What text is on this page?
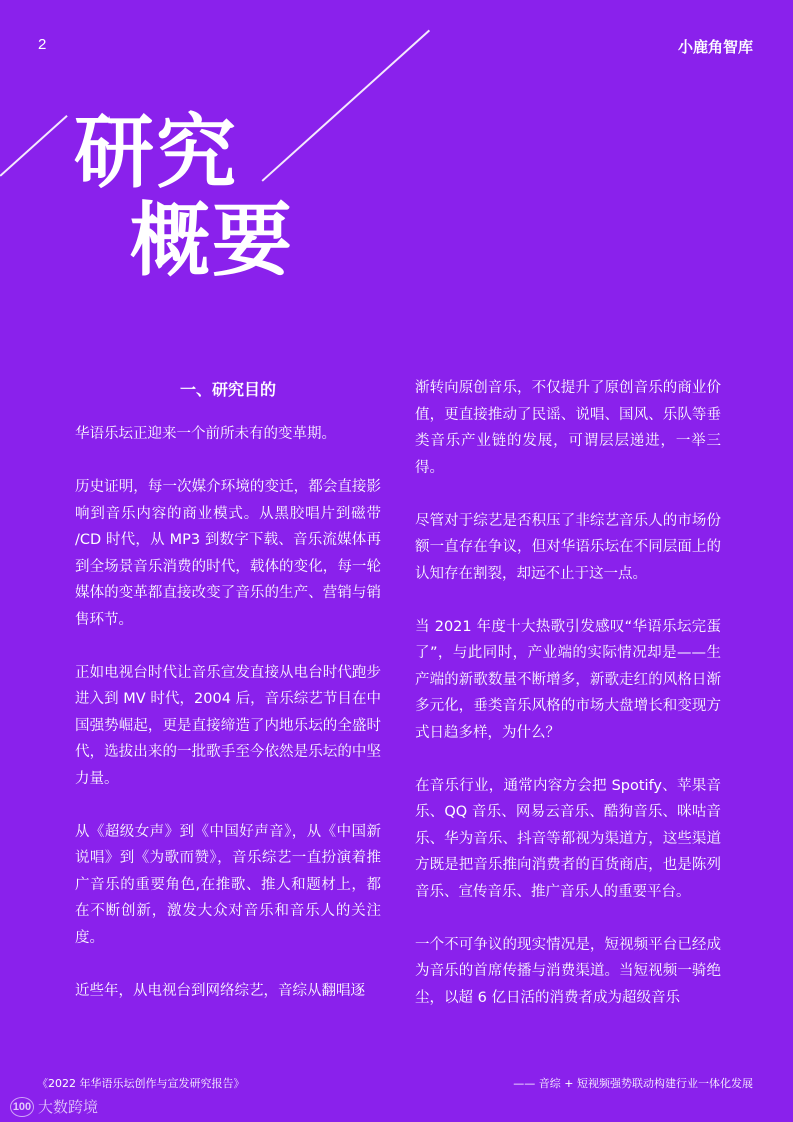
2	小鹿角智库
研究
概要
一、研究目的

华语乐坛正迎来一个前所未有的变革期。

历史证明，每一次媒介环境的变迁，都会直接影响到音乐内容的商业模式。从黑胶唱片到磁带 /CD 时代，从 MP3 到数字下载、音乐流媒体再到全场景音乐消费的时代，载体的变化，每一轮媒体的变革都直接改变了音乐的生产、营销与销售环节。

正如电视台时代让音乐宣发直接从电台时代跑步进入到 MV 时代，2004 后，音乐综艺节目在中国强势崛起，更是直接缔造了内地乐坛的全盛时代，选拔出来的一批歌手至今依然是乐坛的中坚力量。

从《超级女声》到《中国好声音》，从《中国新说唱》到《为歌而赞》，音乐综艺一直扮演着推广音乐的重要角色,在推歌、推人和题材上，都在不断创新，激发大众对音乐和音乐人的关注度。

近些年，从电视台到网络综艺，音综从翻唱逐

渐转向原创音乐，不仅提升了原创音乐的商业价值，更直接推动了民谣、说唱、国风、乐队等垂类音乐产业链的发展，可谓层层递进，一举三得。

尽管对于综艺是否积压了非综艺音乐人的市场份额一直存在争议，但对华语乐坛在不同层面上的认知存在割裂，却远不止于这一点。

当 2021 年度十大热歌引发感叹“华语乐坛完蛋了”，与此同时，产业端的实际情况却是——生产端的新歌数量不断增多，新歌走红的风格日渐多元化，垂类音乐风格的市场大盘增长和变现方式日趋多样，为什么？

在音乐行业，通常内容方会把 Spotify、苹果音乐、QQ 音乐、网易云音乐、酷狗音乐、咪咕音乐、华为音乐、抖音等都视为渠道方，这些渠道方既是把音乐推向消费者的百货商店，也是陈列音乐、宣传音乐、推广音乐人的重要平台。

一个不可争议的现实情况是，短视频平台已经成为音乐的首席传播与消费渠道。当短视频一骑绝尘，以超 6 亿日活的消费者成为超级音乐

《2022 年华语乐坛创作与宣发研究报告》	—— 音综 + 短视频强势联动构建行业一体化发展
100 大数跨境
